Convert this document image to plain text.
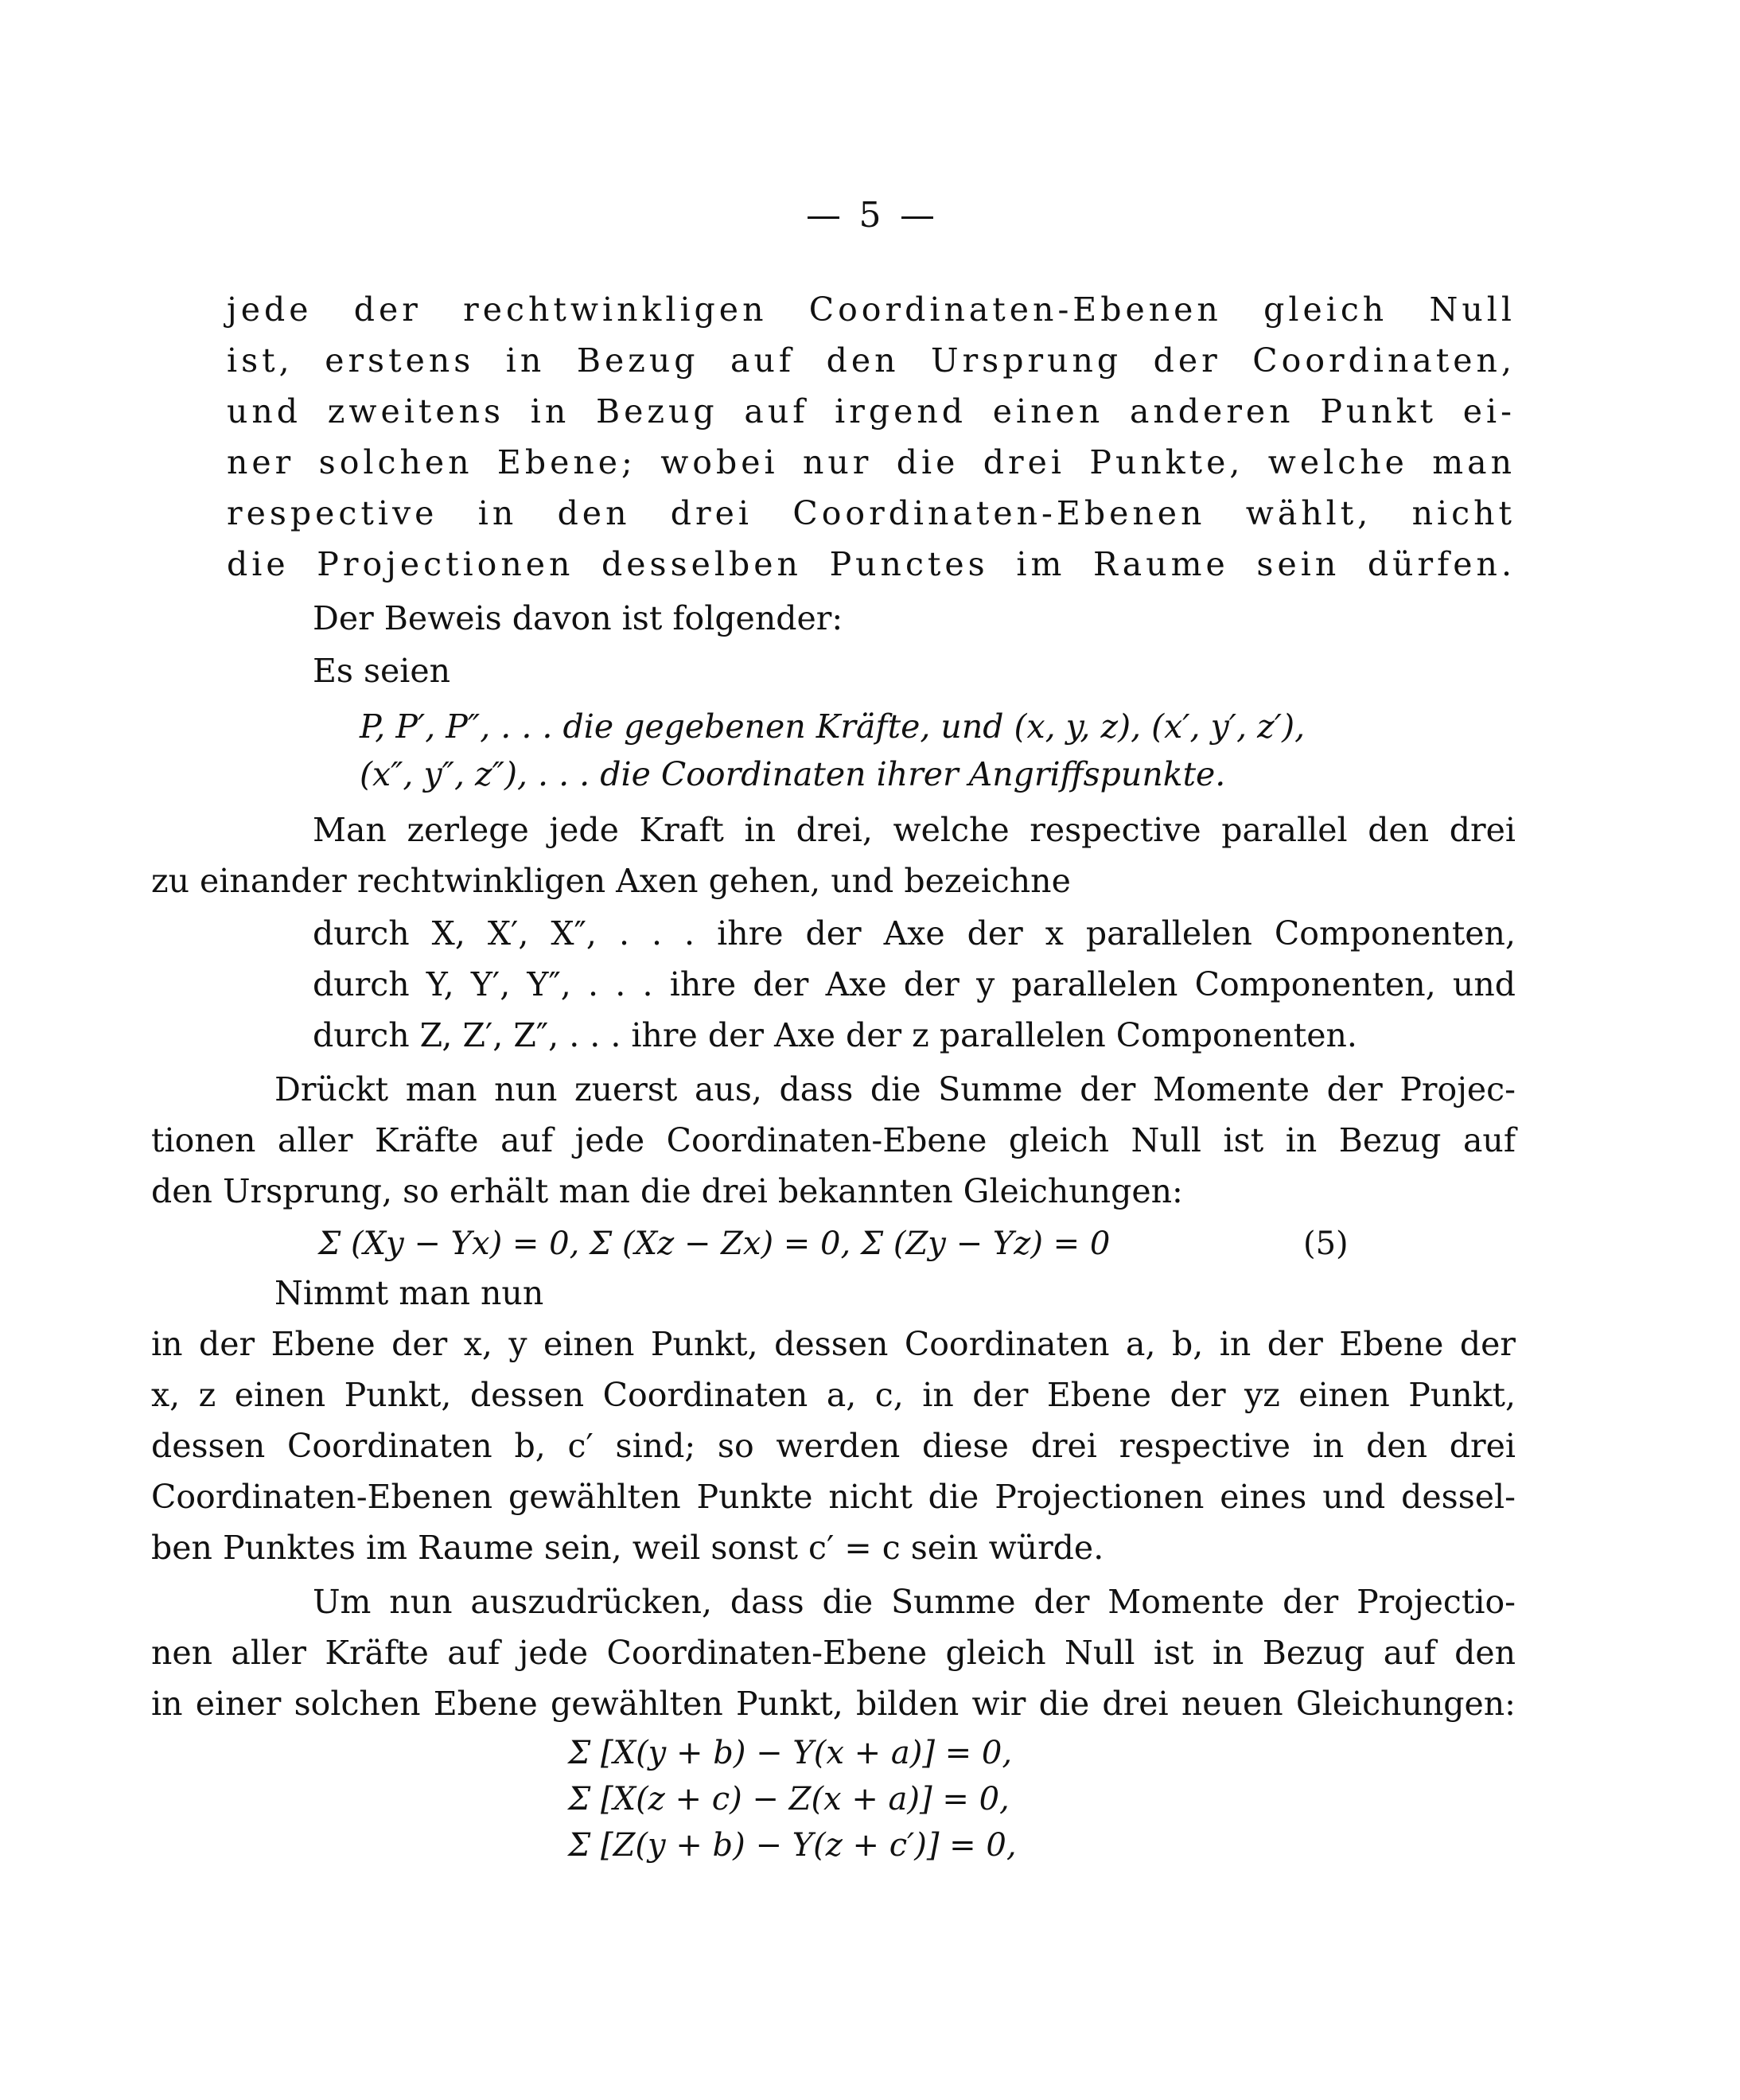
5
jede der rechtwinkligen Coordinaten-Ebenen gleich Null
ist, erstens in Bezug auf den Ursprung der Coordinaten,
und zweitens in Bezug auf irgend einen anderen Punkt ei-
ner solchen Ebene; wobei nur die drei Punkte, welche man
respective in den drei Coordinaten-Ebenen wählt, nicht
die Projectionen desselben Punctes im Raume sein dürfen.
Der Beweis davon ist folgender:
Es seien
P, P′, P″, . . . die gegebenen Kräfte, und (x, y, z), (x′, y′, z′),
(x″, y″, z″), . . . die Coordinaten ihrer Angriffspunkte.
Man zerlege jede Kraft in drei, welche respective parallel den drei
zu einander rechtwinkligen Axen gehen, und bezeichne
durch X, X′, X″, . . . ihre der Axe der x parallelen Componenten,
durch Y, Y′, Y″, . . . ihre der Axe der y parallelen Componenten, und
durch Z, Z′, Z″, . . . ihre der Axe der z parallelen Componenten.
Drückt man nun zuerst aus, dass die Summe der Momente der Projec-
tionen aller Kräfte auf jede Coordinaten-Ebene gleich Null ist in Bezug auf
den Ursprung, so erhält man die drei bekannten Gleichungen:
Σ (Xy − Yx) = 0, Σ (Xz − Zx) = 0, Σ (Zy − Yz) = 0	(5)
Nimmt man nun
in der Ebene der x, y einen Punkt, dessen Coordinaten a, b, in der Ebene der
x, z einen Punkt, dessen Coordinaten a, c, in der Ebene der yz einen Punkt,
dessen Coordinaten b, c′ sind; so werden diese drei respective in den drei
Coordinaten-Ebenen gewählten Punkte nicht die Projectionen eines und dessel-
ben Punktes im Raume sein, weil sonst c′ = c sein würde.
Um nun auszudrücken, dass die Summe der Momente der Projectio-
nen aller Kräfte auf jede Coordinaten-Ebene gleich Null ist in Bezug auf den
in einer solchen Ebene gewählten Punkt, bilden wir die drei neuen Gleichungen:
Σ [X(y + b) − Y(x + a)] = 0,
Σ [X(z + c) − Z(x + a)] = 0,
Σ [Z(y + b) − Y(z + c′)] = 0,
